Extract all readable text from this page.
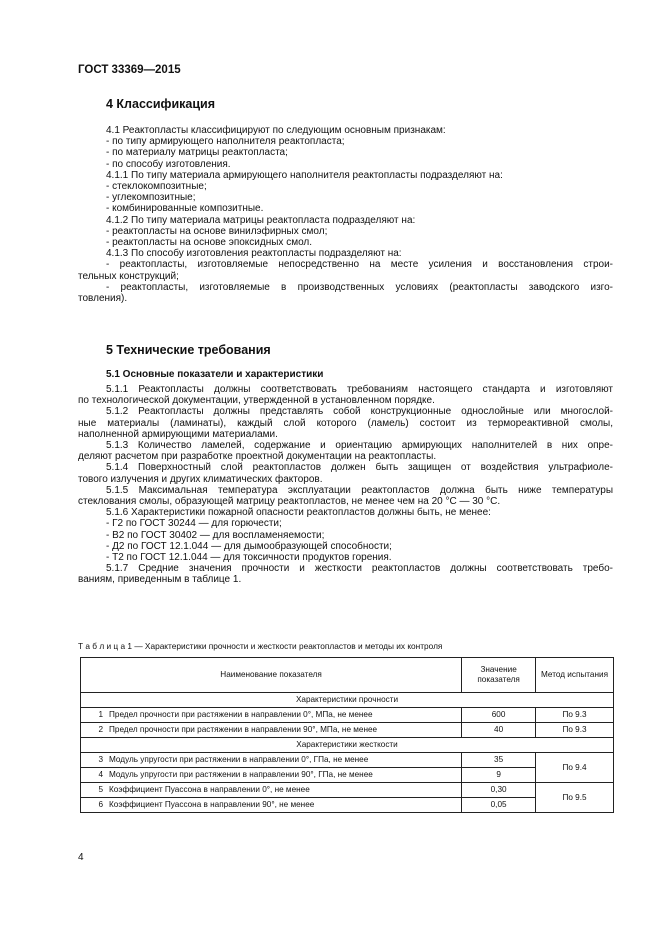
ГОСТ 33369—2015
4 Классификация
4.1 Реактопласты классифицируют по следующим основным признакам:
- по типу армирующего наполнителя реактопласта;
- по материалу матрицы реактопласта;
- по способу изготовления.
4.1.1 По типу материала армирующего наполнителя реактопласты подразделяют на:
- стеклокомпозитные;
- углекомпозитные;
- комбинированные композитные.
4.1.2 По типу материала матрицы реактопласта подразделяют на:
- реактопласты на основе винилэфирных смол;
- реактопласты на основе эпоксидных смол.
4.1.3 По способу изготовления реактопласты подразделяют на:
- реактопласты, изготовляемые непосредственно на месте усиления и восстановления строи-
тельных конструкций;
- реактопласты, изготовляемые в производственных условиях (реактопласты заводского изго-
товления).
5 Технические требования
5.1 Основные показатели и характеристики
5.1.1 Реактопласты должны соответствовать требованиям настоящего стандарта и изготовляют
по технологической документации, утвержденной в установленном порядке.
5.1.2 Реактопласты должны представлять собой конструкционные однослойные или многослой-
ные материалы (ламинаты), каждый слой которого (ламель) состоит из термореактивной смолы,
наполненной армирующими материалами.
5.1.3 Количество ламелей, содержание и ориентацию армирующих наполнителей в них опре-
деляют расчетом при разработке проектной документации на реактопласты.
5.1.4 Поверхностный слой реактопластов должен быть защищен от воздействия ультрафиоле-
тового излучения и других климатических факторов.
5.1.5 Максимальная температура эксплуатации реактопластов должна быть ниже температуры
стеклования смолы, образующей матрицу реактопластов, не менее чем на 20 °С — 30 °С.
5.1.6 Характеристики пожарной опасности реактопластов должны быть, не менее:
- Г2 по ГОСТ 30244 — для горючести;
- В2 по ГОСТ 30402 — для воспламеняемости;
- Д2 по ГОСТ 12.1.044 — для дымообразующей способности;
- Т2 по ГОСТ 12.1.044 — для токсичности продуктов горения.
5.1.7 Средние значения прочности и жесткости реактопластов должны соответствовать требо-
ваниям, приведенным в таблице 1.
Т а б л и ц а 1 — Характеристики прочности и жесткости реактопластов и методы их контроля
Наименование показателя	Значение показателя	Метод испытания
Характеристики прочности		
1 Предел прочности при растяжении в направлении 0°, МПа, не менее	600	По 9.3
2 Предел прочности при растяжении в направлении 90°, МПа, не менее	40	По 9.3
Характеристики жесткости		
3 Модуль упругости при растяжении в направлении 0°, ГПа, не менее	35	По 9.4
4 Модуль упругости при растяжении в направлении 90°, ГПа, не менее	9	
5 Коэффициент Пуассона в направлении 0°, не менее	0,30	По 9.5
6 Коэффициент Пуассона в направлении 90°, не менее	0,05	
4
